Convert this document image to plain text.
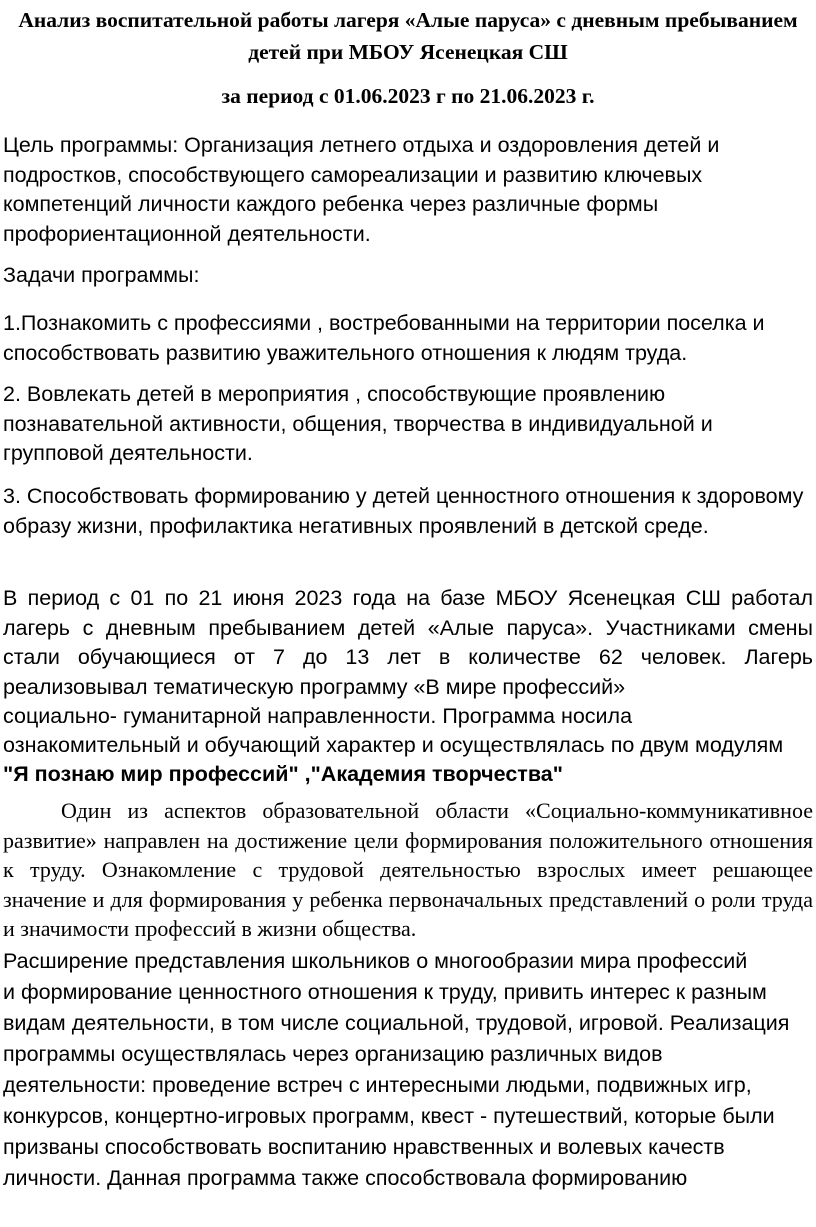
Анализ воспитательной работы лагеря «Алые паруса» с дневным пребыванием детей при МБОУ Ясенецкая СШ

за период с 01.06.2023 г по 21.06.2023 г.

Цель программы: Организация летнего отдыха и оздоровления детей и подростков, способствующего самореализации и развитию ключевых компетенций личности каждого ребенка через различные формы профориентационной деятельности.

Задачи программы:

1.Познакомить с профессиями , востребованными на территории поселка и способствовать развитию уважительного отношения к людям труда.

2. Вовлекать детей в мероприятия , способствующие проявлению познавательной активности, общения, творчества в индивидуальной и групповой деятельности.

3. Способствовать формированию у детей ценностного отношения к здоровому образу жизни, профилактика негативных проявлений в детской среде.

В период с 01 по 21 июня 2023 года на базе МБОУ Ясенецкая СШ работал лагерь с дневным пребыванием детей «Алые паруса». Участниками смены стали обучающиеся от 7 до 13 лет в количестве 62 человек. Лагерь реализовывал тематическую программу «В мире профессий»
социально- гуманитарной направленности. Программа носила
ознакомительный и обучающий характер и осуществлялась по двум модулям
"Я познаю мир профессий" ,"Академия творчества"

Один из аспектов образовательной области «Социально-коммуникативное развитие» направлен на достижение цели формирования положительного отношения к труду. Ознакомление с трудовой деятельностью взрослых имеет решающее значение и для формирования у ребенка первоначальных представлений о роли труда и значимости профессий в жизни общества.

Расширение представления школьников о многообразии мира профессий
и формирование ценностного отношения к труду, привить интерес к разным
видам деятельности, в том числе социальной, трудовой, игровой. Реализация
программы осуществлялась через организацию различных видов
деятельности: проведение встреч с интересными людьми, подвижных игр,
конкурсов, концертно-игровых программ, квест - путешествий, которые были
призваны способствовать воспитанию нравственных и волевых качеств
личности. Данная программа также способствовала формированию
